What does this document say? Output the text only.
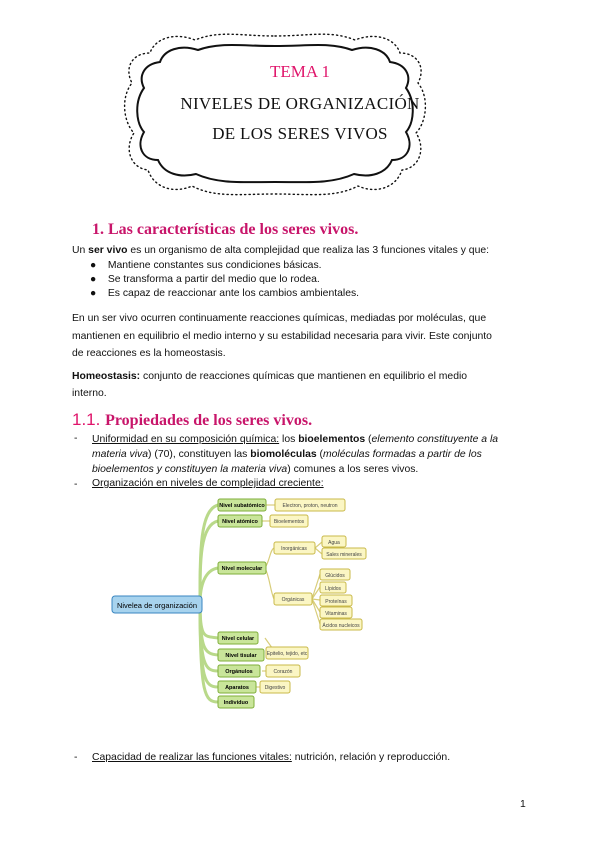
TEMA 1
NIVELES DE ORGANIZACIÓN
DE LOS SERES VIVOS
1. Las características de los seres vivos.
Un ser vivo es un organismo de alta complejidad que realiza las 3 funciones vitales y que:
●    Mantiene constantes sus condiciones básicas.
●    Se transforma a partir del medio que lo rodea.
●    Es capaz de reaccionar ante los cambios ambientales.
En un ser vivo ocurren continuamente reacciones químicas, mediadas por moléculas, que
mantienen en equilibrio el medio interno y su estabilidad necesaria para vivir. Este conjunto
de reacciones es la homeostasis.
Homeostasis: conjunto de reacciones químicas que mantienen en equilibrio el medio
interno.
1.1. Propiedades de los seres vivos.
- Uniformidad en su composición química: los bioelementos (elemento constituyente a la
materia viva) (70), constituyen las biomoléculas (moléculas formadas a partir de los
bioelementos y constituyen la materia viva) comunes a los seres vivos.
- Organización en niveles de complejidad creciente:
Nivelea de organización
Nivel subatómico
Nivel atómico
Nivel molecular
Nivel celular
Nivel tisular
Orgánulos
Aparatos
Individuo
Electron, proton, neutron
Bioelementos
Inorgánicas
Agua
Sales minerales
Orgánicas
Glúcidos
Lípidos
Proteínas
Vitaminas
Ácidos nucleicos
Epitelio, tejido, etc
Corazón
Digestivo
- Capacidad de realizar las funciones vitales: nutrición, relación y reproducción.
1
